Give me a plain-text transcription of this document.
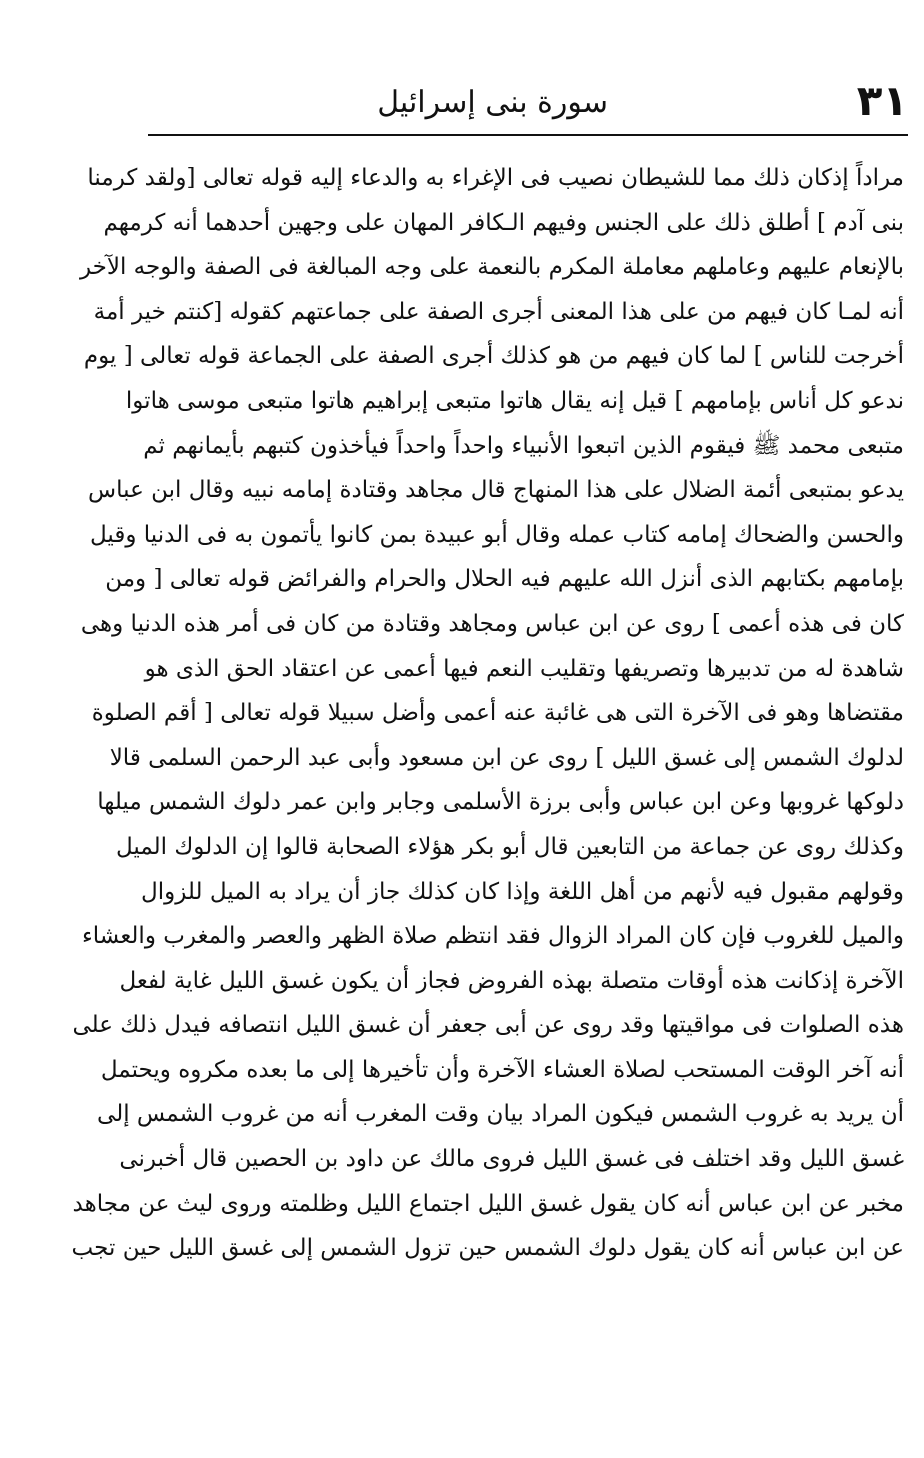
٣١
سورة بنى إسرائيل
مراداً إذكان ذلك مما للشيطان نصيب فى الإغراء به والدعاء إليه قوله تعالى [ولقد كرمنا
بنى آدم ] أطلق ذلك على الجنس وفيهم الـكافر المهان على وجهين أحدهما أنه كرمهم
بالإنعام عليهم وعاملهم معاملة المكرم بالنعمة على وجه المبالغة فى الصفة والوجه الآخر
أنه لمـا كان فيهم من على هذا المعنى أجرى الصفة على جماعتهم كقوله [كنتم خير أمة
أخرجت للناس ] لما كان فيهم من هو كذلك أجرى الصفة على الجماعة قوله تعالى [ يوم
ندعو كل أناس بإمامهم ] قيل إنه يقال هاتوا متبعى إبراهيم هاتوا متبعى موسى هاتوا
متبعى محمد ﷺ فيقوم الذين اتبعوا الأنبياء واحداً واحداً فيأخذون كتبهم بأيمانهم ثم
يدعو بمتبعى أئمة الضلال على هذا المنهاج قال مجاهد وقتادة إمامه نبيه وقال ابن عباس
والحسن والضحاك إمامه كتاب عمله وقال أبو عبيدة بمن كانوا يأتمون به فى الدنيا وقيل
بإمامهم بكتابهم الذى أنزل الله عليهم فيه الحلال والحرام والفرائض قوله تعالى [ ومن
كان فى هذه أعمى ] روى عن ابن عباس ومجاهد وقتادة من كان فى أمر هذه الدنيا وهى
شاهدة له من تدبيرها وتصريفها وتقليب النعم فيها أعمى عن اعتقاد الحق الذى هو
مقتضاها وهو فى الآخرة التى هى غائبة عنه أعمى وأضل سبيلا قوله تعالى [ أقم الصلوة
لدلوك الشمس إلى غسق الليل ] روى عن ابن مسعود وأبى عبد الرحمن السلمى قالا
دلوكها غروبها وعن ابن عباس وأبى برزة الأسلمى وجابر وابن عمر دلوك الشمس ميلها
وكذلك روى عن جماعة من التابعين قال أبو بكر هؤلاء الصحابة قالوا إن الدلوك الميل
وقولهم مقبول فيه لأنهم من أهل اللغة وإذا كان كذلك جاز أن يراد به الميل للزوال
والميل للغروب فإن كان المراد الزوال فقد انتظم صلاة الظهر والعصر والمغرب والعشاء
الآخرة إذكانت هذه أوقات متصلة بهذه الفروض فجاز أن يكون غسق الليل غاية لفعل
هذه الصلوات فى مواقيتها وقد روى عن أبى جعفر أن غسق الليل انتصافه فيدل ذلك على
أنه آخر الوقت المستحب لصلاة العشاء الآخرة وأن تأخيرها إلى ما بعده مكروه ويحتمل
أن يريد به غروب الشمس فيكون المراد بيان وقت المغرب أنه من غروب الشمس إلى
غسق الليل وقد اختلف فى غسق الليل فروى مالك عن داود بن الحصين قال أخبرنى
مخبر عن ابن عباس أنه كان يقول غسق الليل اجتماع الليل وظلمته وروى ليث عن مجاهد
عن ابن عباس أنه كان يقول دلوك الشمس حين تزول الشمس إلى غسق الليل حين تجب
